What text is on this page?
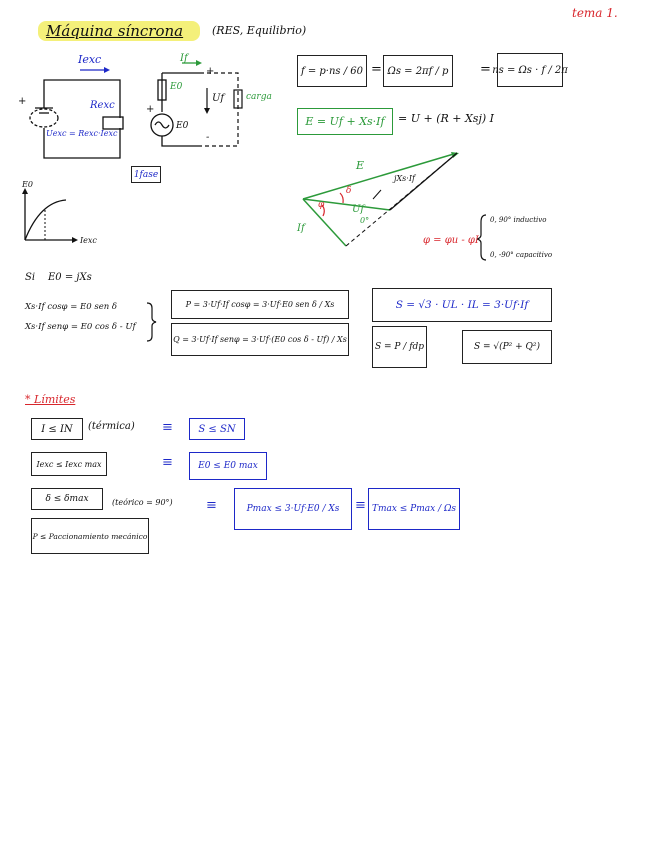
Máquina síncrona	(RES, Equilibrio)
tema 1.
Iexc
Rexc
Uexc = Rexc·Iexc
+
If
E0
E0
Uf carga
+
-
+
1fase
E0
Iexc
f = p·ns / 60 = Ωs = 2πf / p	= ns = Ωs · f / 2π
E = Uf + Xs·If	= U + (R + Xsj) I
E
jXs·If
δ
φ	Uf
0°
If
φ = φu - φI
0, 90° inductivo
0, -90° capacitivo
Si E0 = jXs
Xs·If cosφ = E0 sen δ
Xs·If senφ = E0 cos δ - Uf
P = 3·Uf·If cosφ = 3·Uf·E0 sen δ / Xs
Q = 3·Uf·If senφ = 3·Uf·(E0 cos δ - Uf) / Xs
S = √3 · UL · IL = 3·Uf·If
S = P / fdp	S = √(P² + Q²)
* Límites
I ≤ IN	(térmica) ≡	S ≤ SN
Iexc ≤ Iexc max	≡	E0 ≤ E0 max
δ ≤ δmax	(teórico = 90°)	≡	Pmax ≤ 3·Uf·E0 / Xs	≡ Tmax ≤ Pmax / Ωs
P ≤ Paccionamiento mecánico
